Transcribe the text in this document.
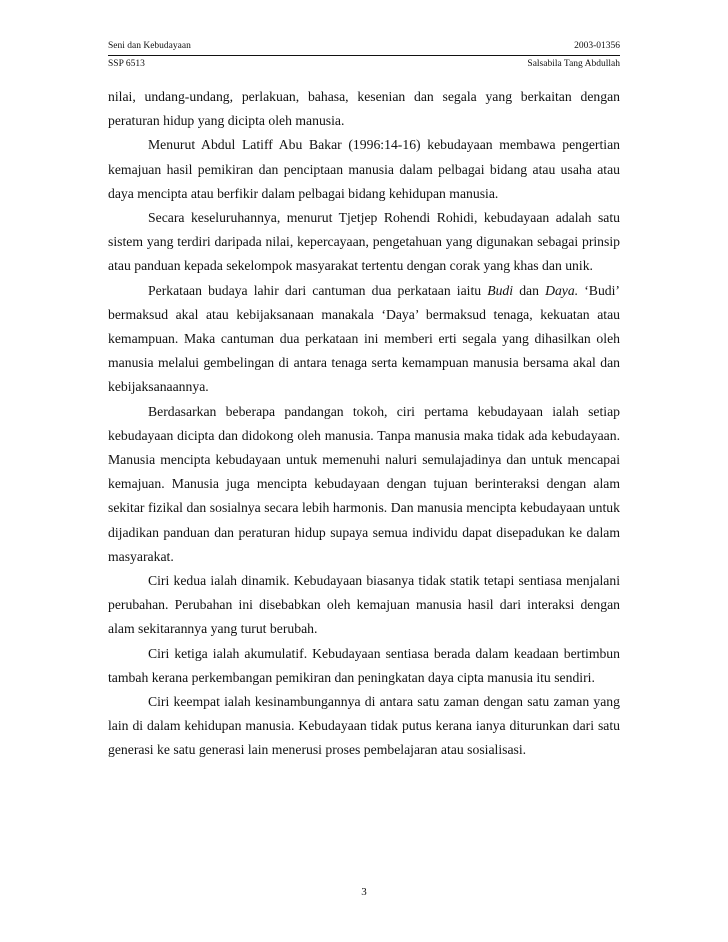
Seni dan Kebudayaan	2003-01356
SSP 6513	Salsabila Tang Abdullah

nilai, undang-undang, perlakuan, bahasa, kesenian dan segala yang berkaitan dengan peraturan hidup yang dicipta oleh manusia.

Menurut Abdul Latiff Abu Bakar (1996:14-16) kebudayaan membawa pengertian kemajuan hasil pemikiran dan penciptaan manusia dalam pelbagai bidang atau usaha atau daya mencipta atau berfikir dalam pelbagai bidang kehidupan manusia.

Secara keseluruhannya, menurut Tjetjep Rohendi Rohidi, kebudayaan adalah satu sistem yang terdiri daripada nilai, kepercayaan, pengetahuan yang digunakan sebagai prinsip atau panduan kepada sekelompok masyarakat tertentu dengan corak yang khas dan unik.

Perkataan budaya lahir dari cantuman dua perkataan iaitu Budi dan Daya. ‘Budi’ bermaksud akal atau kebijaksanaan manakala ‘Daya’ bermaksud tenaga, kekuatan atau kemampuan. Maka cantuman dua perkataan ini memberi erti segala yang dihasilkan oleh manusia melalui gembelingan di antara tenaga serta kemampuan manusia bersama akal dan kebijaksanaannya.

Berdasarkan beberapa pandangan tokoh, ciri pertama kebudayaan ialah setiap kebudayaan dicipta dan didokong oleh manusia. Tanpa manusia maka tidak ada kebudayaan. Manusia mencipta kebudayaan untuk memenuhi naluri semulajadinya dan untuk mencapai kemajuan. Manusia juga mencipta kebudayaan dengan tujuan berinteraksi dengan alam sekitar fizikal dan sosialnya secara lebih harmonis. Dan manusia mencipta kebudayaan untuk dijadikan panduan dan peraturan hidup supaya semua individu dapat disepadukan ke dalam masyarakat.

Ciri kedua ialah dinamik. Kebudayaan biasanya tidak statik tetapi sentiasa menjalani perubahan. Perubahan ini disebabkan oleh kemajuan manusia hasil dari interaksi dengan alam sekitarannya yang turut berubah.

Ciri ketiga ialah akumulatif. Kebudayaan sentiasa berada dalam keadaan bertimbun tambah kerana perkembangan pemikiran dan peningkatan daya cipta manusia itu sendiri.

Ciri keempat ialah kesinambungannya di antara satu zaman dengan satu zaman yang lain di dalam kehidupan manusia. Kebudayaan tidak putus kerana ianya diturunkan dari satu generasi ke satu generasi lain menerusi proses pembelajaran atau sosialisasi.

3
